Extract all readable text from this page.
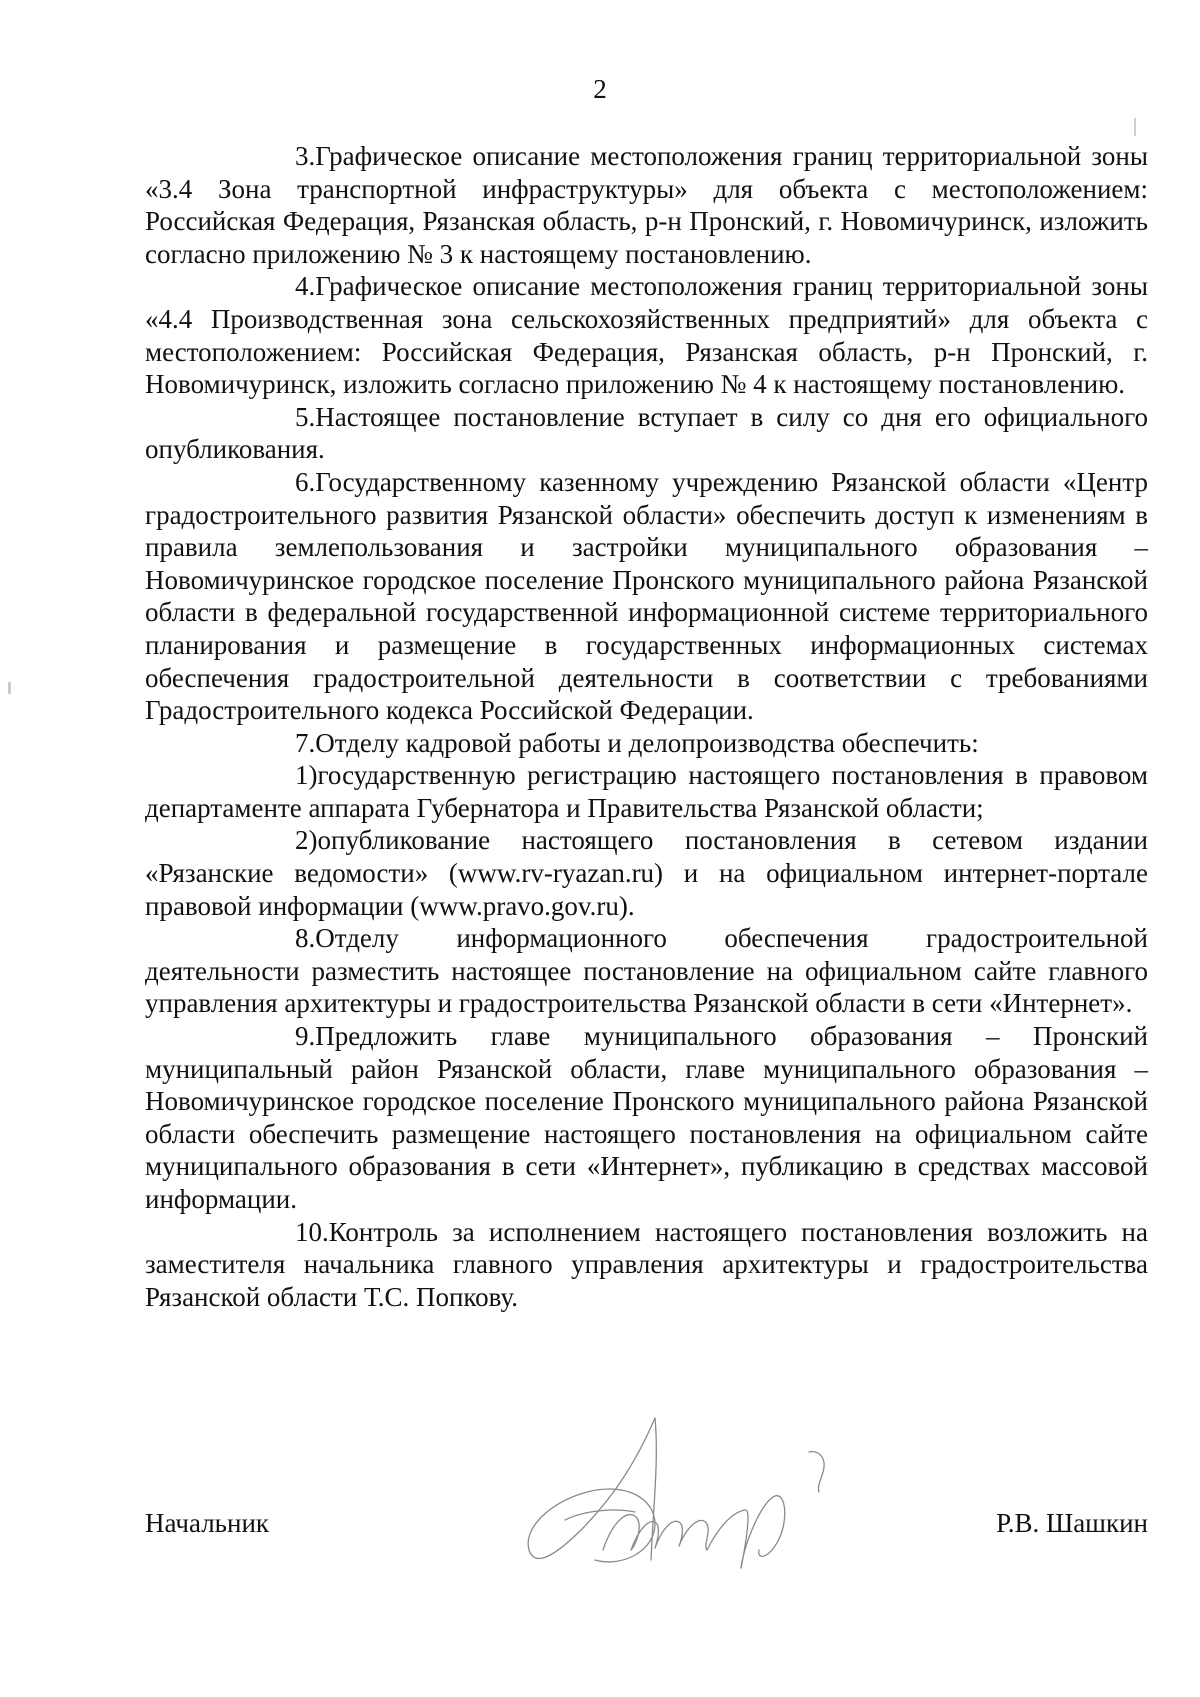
2

3.Графическое описание местоположения границ территориальной зоны «3.4 Зона транспортной инфраструктуры» для объекта с местоположением: Российская Федерация, Рязанская область, р-н Пронский, г. Новомичуринск, изложить согласно приложению № 3 к настоящему постановлению.

4.Графическое описание местоположения границ территориальной зоны «4.4 Производственная зона сельскохозяйственных предприятий» для объекта с местоположением: Российская Федерация, Рязанская область, р-н Пронский, г. Новомичуринск, изложить согласно приложению № 4 к настоящему постановлению.

5.Настоящее постановление вступает в силу со дня его официального опубликования.

6.Государственному казенному учреждению Рязанской области «Центр градостроительного развития Рязанской области» обеспечить доступ к изменениям в правила землепользования и застройки муниципального образования – Новомичуринское городское поселение Пронского муниципального района Рязанской области в федеральной государственной информационной системе территориального планирования и размещение в государственных информационных системах обеспечения градостроительной деятельности в соответствии с требованиями Градостроительного кодекса Российской Федерации.

7.Отделу кадровой работы и делопроизводства обеспечить:

1)государственную регистрацию настоящего постановления в правовом департаменте аппарата Губернатора и Правительства Рязанской области;

2)опубликование настоящего постановления в сетевом издании «Рязанские ведомости» (www.rv-ryazan.ru) и на официальном интернет-портале правовой информации (www.pravo.gov.ru).

8.Отделу информационного обеспечения градостроительной деятельности разместить настоящее постановление на официальном сайте главного управления архитектуры и градостроительства Рязанской области в сети «Интернет».

9.Предложить главе муниципального образования – Пронский муниципальный район Рязанской области, главе муниципального образования – Новомичуринское городское поселение Пронского муниципального района Рязанской области обеспечить размещение настоящего постановления на официальном сайте муниципального образования в сети «Интернет», публикацию в средствах массовой информации.

10.Контроль за исполнением настоящего постановления возложить на заместителя начальника главного управления архитектуры и градостроительства Рязанской области Т.С. Попкову.

Начальник	Р.В. Шашкин
